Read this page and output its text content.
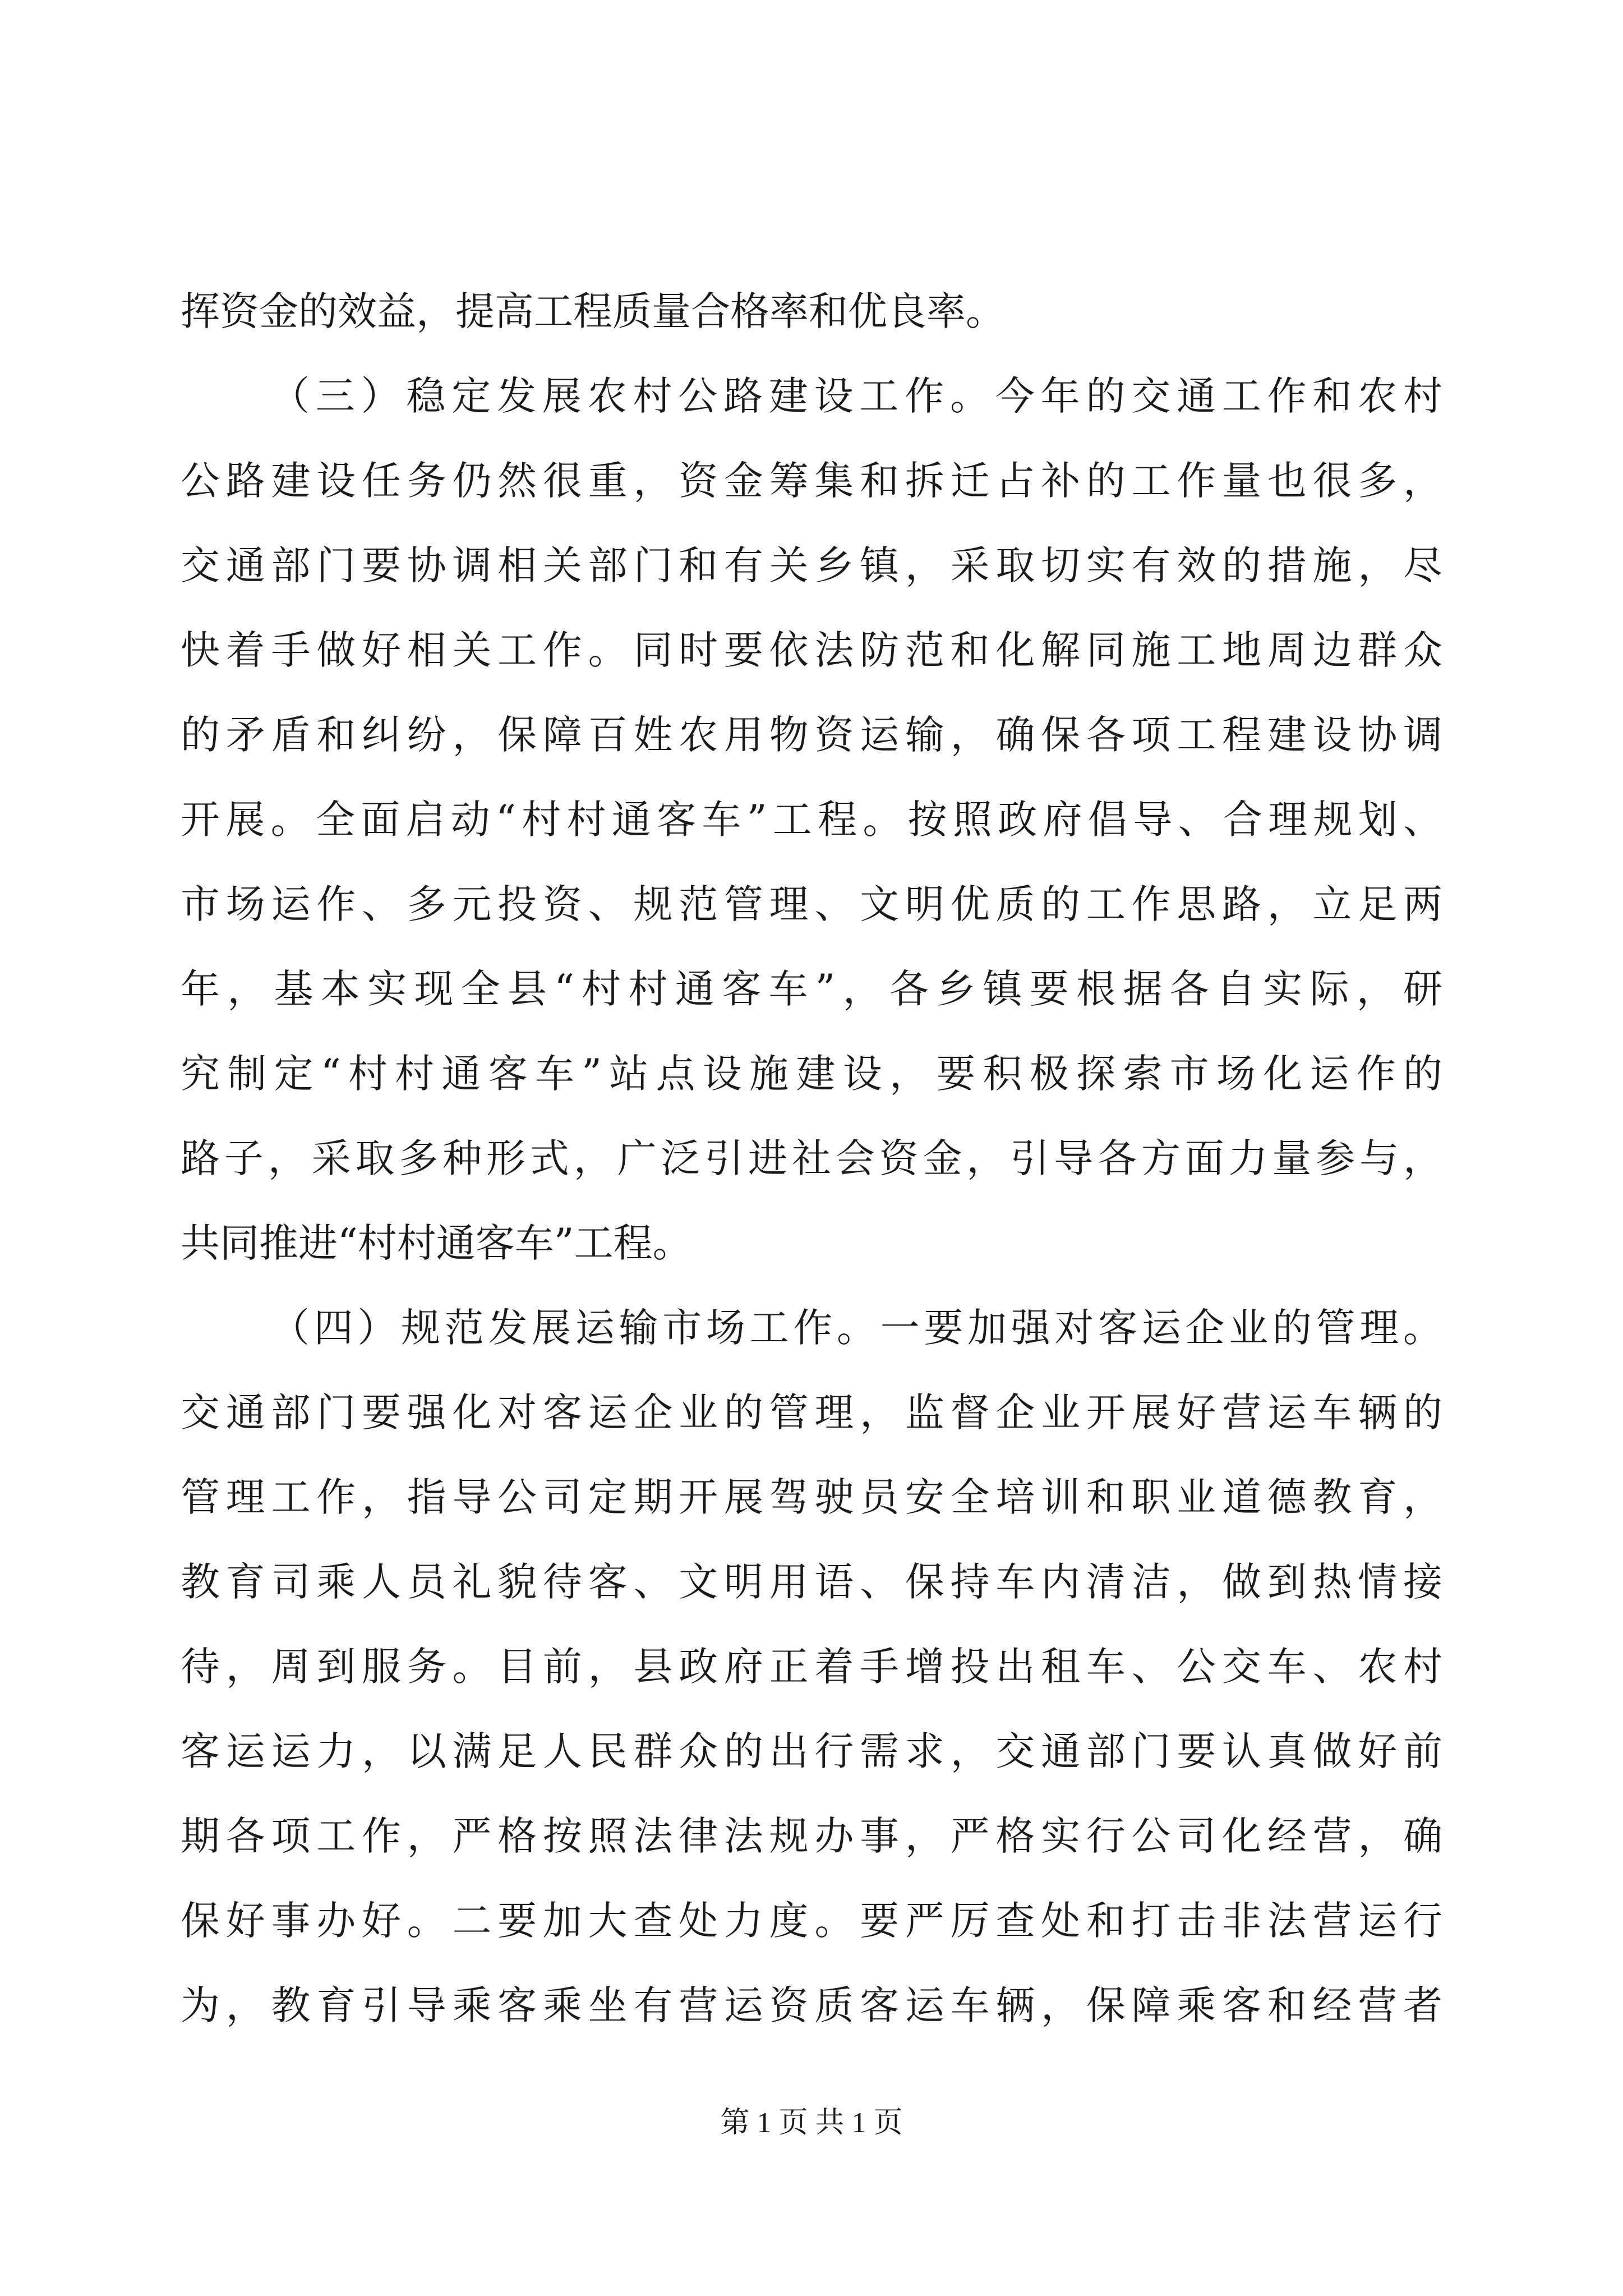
挥资金的效益，提高工程质量合格率和优良率。
（三）稳定发展农村公路建设工作。今年的交通工作和农村
公路建设任务仍然很重，资金筹集和拆迁占补的工作量也很多，
交通部门要协调相关部门和有关乡镇，采取切实有效的措施，尽
快着手做好相关工作。同时要依法防范和化解同施工地周边群众
的矛盾和纠纷，保障百姓农用物资运输，确保各项工程建设协调
开展。全面启动“村村通客车”工程。按照政府倡导、合理规划、
市场运作、多元投资、规范管理、文明优质的工作思路，立足两
年，基本实现全县“村村通客车”，各乡镇要根据各自实际，研
究制定“村村通客车”站点设施建设，要积极探索市场化运作的
路子，采取多种形式，广泛引进社会资金，引导各方面力量参与，
共同推进“村村通客车”工程。
（四）规范发展运输市场工作。一要加强对客运企业的管理。
交通部门要强化对客运企业的管理，监督企业开展好营运车辆的
管理工作，指导公司定期开展驾驶员安全培训和职业道德教育，
教育司乘人员礼貌待客、文明用语、保持车内清洁，做到热情接
待，周到服务。目前，县政府正着手增投出租车、公交车、农村
客运运力，以满足人民群众的出行需求，交通部门要认真做好前
期各项工作，严格按照法律法规办事，严格实行公司化经营，确
保好事办好。二要加大查处力度。要严厉查处和打击非法营运行
为，教育引导乘客乘坐有营运资质客运车辆，保障乘客和经营者
第 1 页 共 1 页
